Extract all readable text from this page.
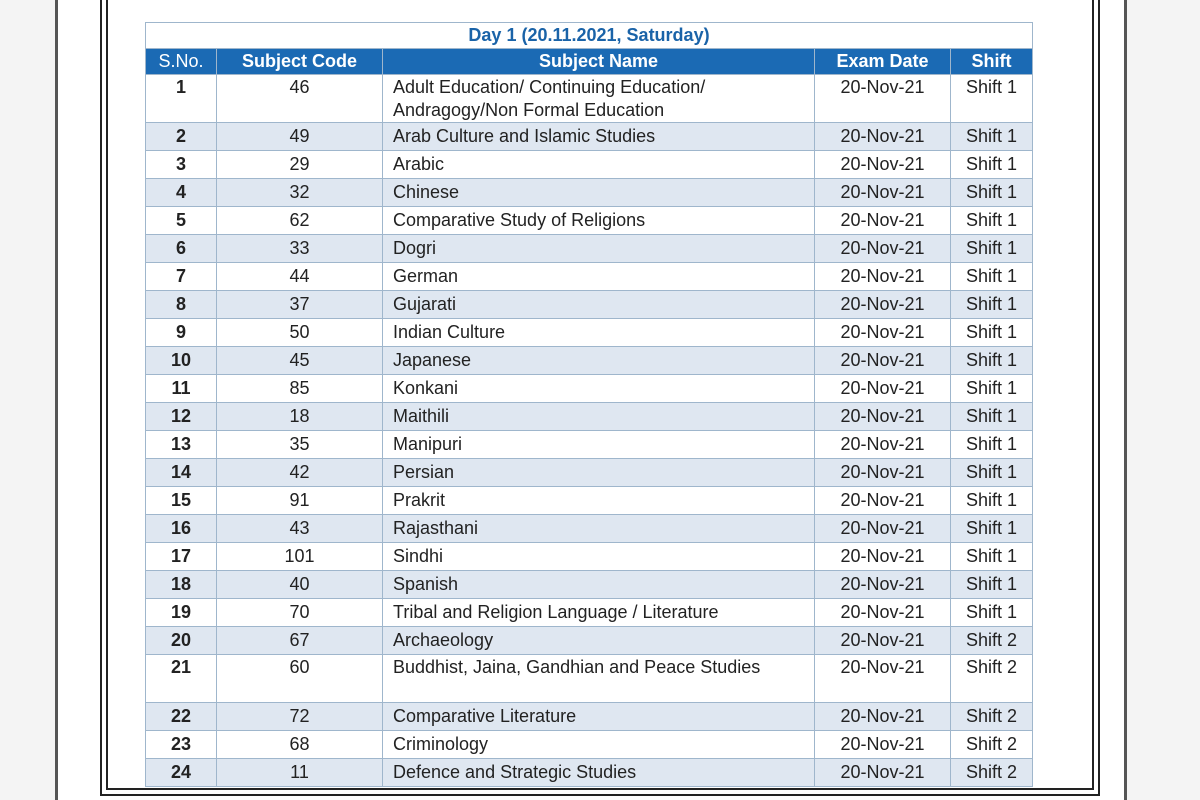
Day 1 (20.11.2021, Saturday)				
S.No.	Subject Code	Subject Name	Exam Date	Shift
1	46	Adult Education/ Continuing Education/ Andragogy/Non Formal Education	20-Nov-21	Shift 1
2	49	Arab Culture and Islamic Studies	20-Nov-21	Shift 1
3	29	Arabic	20-Nov-21	Shift 1
4	32	Chinese	20-Nov-21	Shift 1
5	62	Comparative Study of Religions	20-Nov-21	Shift 1
6	33	Dogri	20-Nov-21	Shift 1
7	44	German	20-Nov-21	Shift 1
8	37	Gujarati	20-Nov-21	Shift 1
9	50	Indian Culture	20-Nov-21	Shift 1
10	45	Japanese	20-Nov-21	Shift 1
11	85	Konkani	20-Nov-21	Shift 1
12	18	Maithili	20-Nov-21	Shift 1
13	35	Manipuri	20-Nov-21	Shift 1
14	42	Persian	20-Nov-21	Shift 1
15	91	Prakrit	20-Nov-21	Shift 1
16	43	Rajasthani	20-Nov-21	Shift 1
17	101	Sindhi	20-Nov-21	Shift 1
18	40	Spanish	20-Nov-21	Shift 1
19	70	Tribal and Religion Language / Literature	20-Nov-21	Shift 1
20	67	Archaeology	20-Nov-21	Shift 2
21	60	Buddhist, Jaina, Gandhian and Peace Studies	20-Nov-21	Shift 2
22	72	Comparative Literature	20-Nov-21	Shift 2
23	68	Criminology	20-Nov-21	Shift 2
24	11	Defence and Strategic Studies	20-Nov-21	Shift 2
